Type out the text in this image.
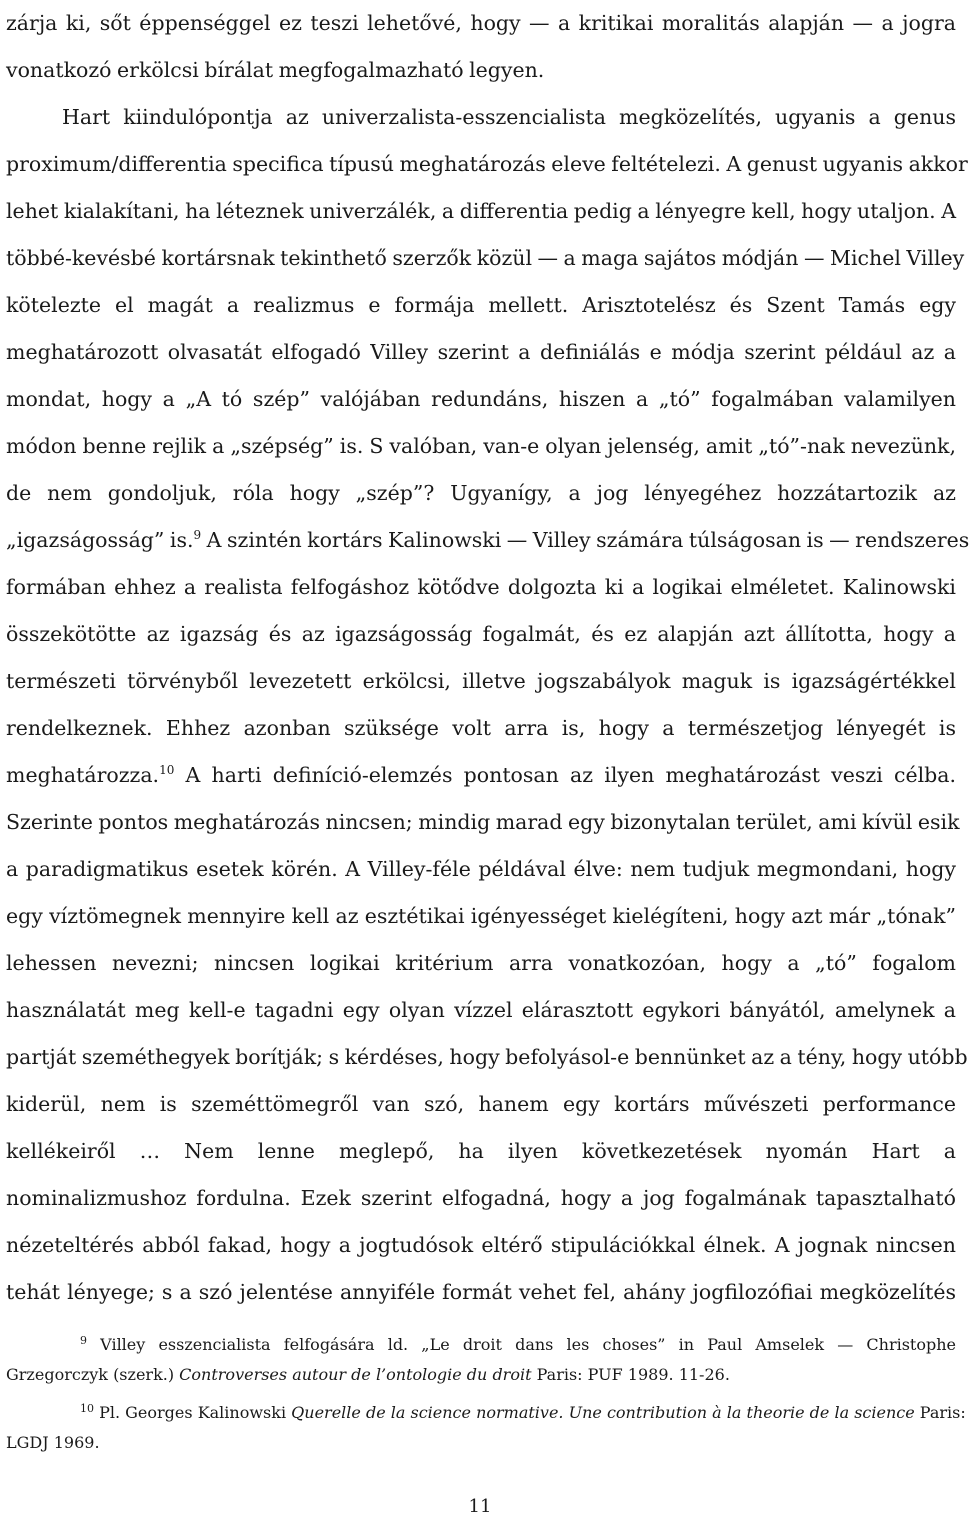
zárja ki, sőt éppenséggel ez teszi lehetővé, hogy — a kritikai moralitás alapján — a jogra
vonatkozó erkölcsi bírálat megfogalmazható legyen.
Hart kiindulópontja az univerzalista-esszencialista megközelítés, ugyanis a genus
proximum/differentia specifica típusú meghatározás eleve feltételezi. A genust ugyanis akkor
lehet kialakítani, ha léteznek univerzálék, a differentia pedig a lényegre kell, hogy utaljon. A
többé-kevésbé kortársnak tekinthető szerzők közül — a maga sajátos módján — Michel Villey
kötelezte el magát a realizmus e formája mellett. Arisztotelész és Szent Tamás egy
meghatározott olvasatát elfogadó Villey szerint a definiálás e módja szerint például az a
mondat, hogy a „A tó szép” valójában redundáns, hiszen a „tó” fogalmában valamilyen
módon benne rejlik a „szépség” is. S valóban, van-e olyan jelenség, amit „tó”-nak nevezünk,
de nem gondoljuk, róla hogy „szép”? Ugyanígy, a jog lényegéhez hozzátartozik az
„igazságosság” is.$^9$ A szintén kortárs Kalinowski — Villey számára túlságosan is — rendszeres
formában ehhez a realista felfogáshoz kötődve dolgozta ki a logikai elméletet. Kalinowski
összekötötte az igazság és az igazságosság fogalmát, és ez alapján azt állította, hogy a
természeti törvényből levezetett erkölcsi, illetve jogszabályok maguk is igazságértékkel
rendelkeznek. Ehhez azonban szüksége volt arra is, hogy a természetjog lényegét is
meghatározza.$^{10}$ A harti definíció-elemzés pontosan az ilyen meghatározást veszi célba.
Szerinte pontos meghatározás nincsen; mindig marad egy bizonytalan terület, ami kívül esik
a paradigmatikus esetek körén. A Villey-féle példával élve: nem tudjuk megmondani, hogy
egy víztömegnek mennyire kell az esztétikai igényességet kielégíteni, hogy azt már „tónak”
lehessen nevezni; nincsen logikai kritérium arra vonatkozóan, hogy a „tó” fogalom
használatát meg kell-e tagadni egy olyan vízzel elárasztott egykori bányától, amelynek a
partját szeméthegyek borítják; s kérdéses, hogy befolyásol-e bennünket az a tény, hogy utóbb
kiderül, nem is szeméttömegről van szó, hanem egy kortárs művészeti performance
kellékeiről … Nem lenne meglepő, ha ilyen következetések nyomán Hart a
nominalizmushoz fordulna. Ezek szerint elfogadná, hogy a jog fogalmának tapasztalható
nézeteltérés abból fakad, hogy a jogtudósok eltérő stipulációkkal élnek. A jognak nincsen
tehát lényege; s a szó jelentése annyiféle formát vehet fel, ahány jogfilozófiai megközelítés
$^9$ Villey esszencialista felfogására ld. „Le droit dans les choses” in Paul Amselek — Christophe
Grzegorczyk (szerk.) Controverses autour de l’ontologie du droit Paris: PUF 1989. 11-26.
$^{10}$ Pl. Georges Kalinowski Querelle de la science normative. Une contribution à la theorie de la science Paris:
LGDJ 1969.
11
